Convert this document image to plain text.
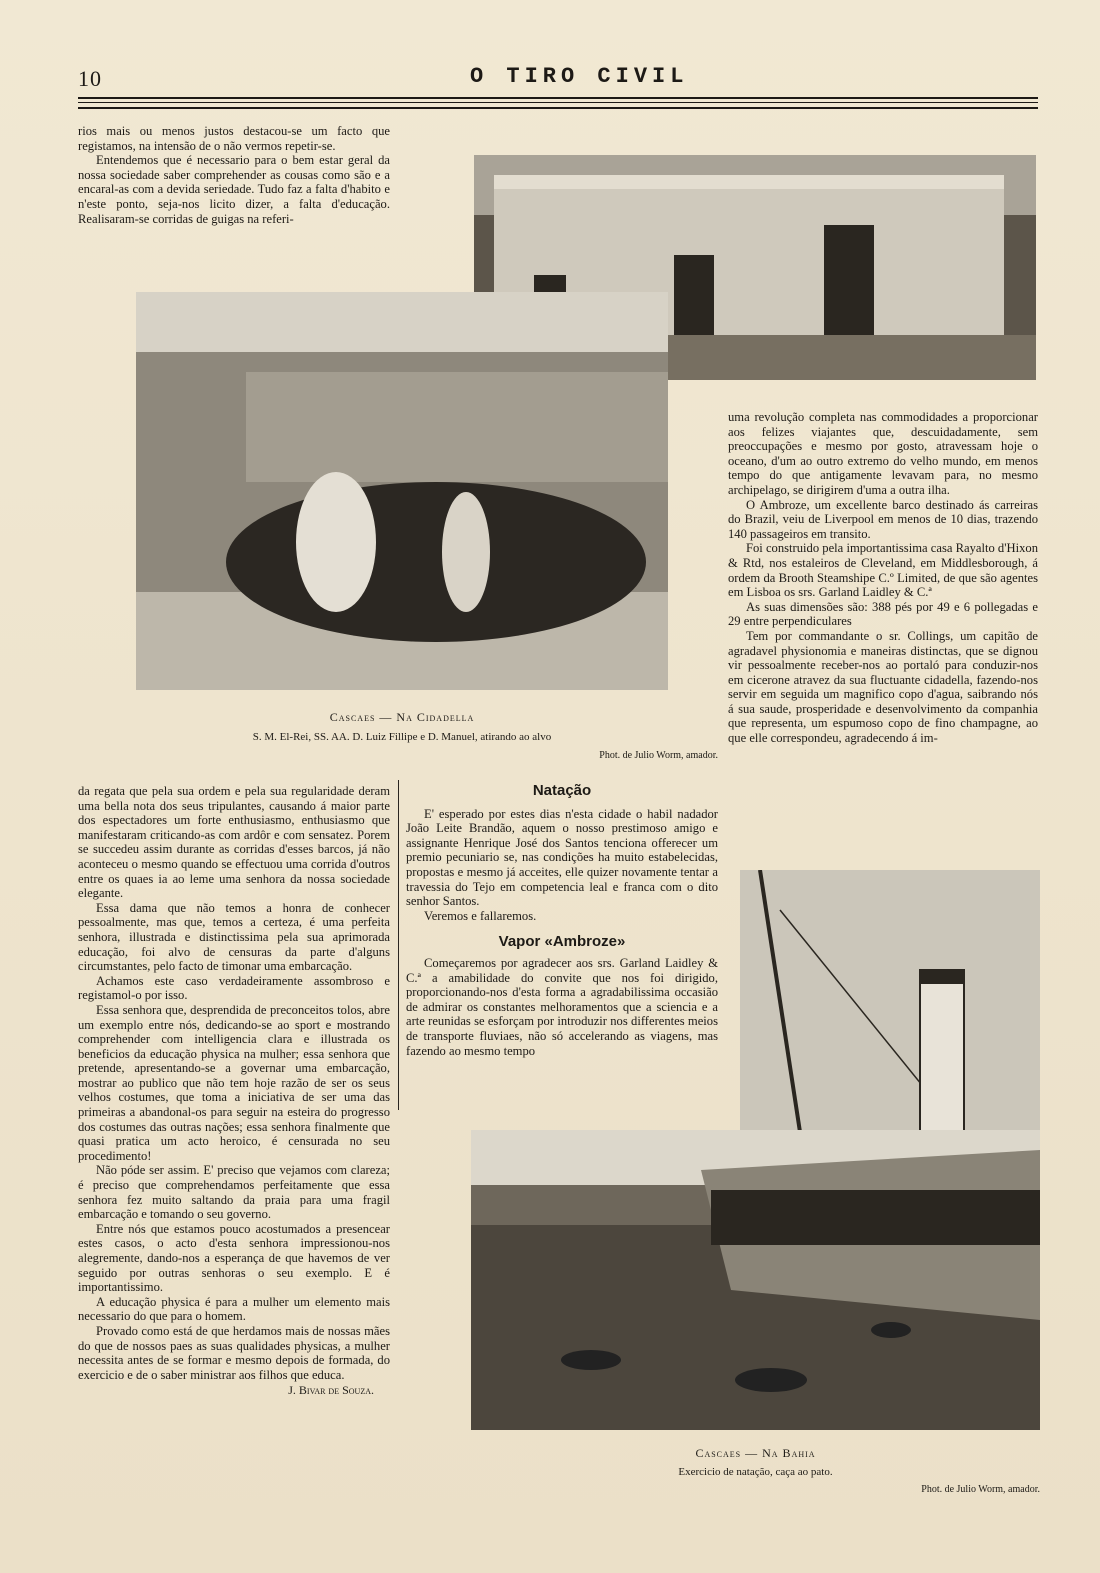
10	O TIRO CIVIL

rios mais ou menos justos destacou-se um facto que registamos, na intensão de o não vermos repetir-se.

Entendemos que é necessario para o bem estar geral da nossa sociedade saber comprehender as cousas como são e a encaral-as com a devida seriedade. Tudo faz a falta d'habito e n'este ponto, seja-nos licito dizer, a falta d'educação. Realisaram-se corridas de guigas na referi-

Cascaes — Na Cidadella
S. M. El-Rei, SS. AA. D. Luiz Fillipe e D. Manuel, atirando ao alvo
Phot. de Julio Worm, amador.

uma revolução completa nas commodidades a proporcionar aos felizes viajantes que, descuidadamente, sem preoccupações e mesmo por gosto, atravessam hoje o oceano, d'um ao outro extremo do velho mundo, em menos tempo do que antigamente levavam para, no mesmo archipelago, se dirigirem d'uma a outra ilha.

O Ambroze, um excellente barco destinado ás carreiras do Brazil, veiu de Liverpool em menos de 10 dias, trazendo 140 passageiros em transito.

Foi construido pela importantissima casa Rayalto d'Hixon & Rtd, nos estaleiros de Cleveland, em Middlesborough, á ordem da Brooth Steamshipe C.º Limited, de que são agentes em Lisboa os srs. Garland Laidley & C.ª

As suas dimensões são: 388 pés por 49 e 6 pollegadas e 29 entre perpendiculares

Tem por commandante o sr. Collings, um capitão de agradavel physionomia e maneiras distinctas, que se dignou vir pessoalmente receber-nos ao portaló para conduzir-nos em cicerone atravez da sua fluctuante cidadella, fazendo-nos servir em seguida um magnifico copo d'agua, saibrando nós á sua saude, prosperidade e desenvolvimento da companhia que representa, um espumoso copo de fino champagne, ao que elle correspondeu, agradecendo á im-

da regata que pela sua ordem e pela sua regularidade deram uma bella nota dos seus tripulantes, causando á maior parte dos espectadores um forte enthusiasmo, enthusiasmo que manifestaram criticando-as com ardôr e com sensatez. Porem se succedeu assim durante as corridas d'esses barcos, já não aconteceu o mesmo quando se effectuou uma corrida d'outros entre os quaes ia ao leme uma senhora da nossa sociedade elegante.

Essa dama que não temos a honra de conhecer pessoalmente, mas que, temos a certeza, é uma perfeita senhora, illustrada e distinctissima pela sua aprimorada educação, foi alvo de censuras da parte d'alguns circumstantes, pelo facto de timonar uma embarcação.

Achamos este caso verdadeiramente assombroso e registamol-o por isso.

Essa senhora que, desprendida de preconceitos tolos, abre um exemplo entre nós, dedicando-se ao sport e mostrando comprehender com intelligencia clara e illustrada os beneficios da educação physica na mulher; essa senhora que pretende, apresentando-se a governar uma embarcação, mostrar ao publico que não tem hoje razão de ser os seus velhos costumes, que toma a iniciativa de ser uma das primeiras a abandonal-os para seguir na esteira do progresso dos costumes das outras nações; essa senhora finalmente que quasi pratica um acto heroico, é censurada no seu procedimento!

Não póde ser assim. E' preciso que vejamos com clareza; é preciso que comprehendamos perfeitamente que essa senhora fez muito saltando da praia para uma fragil embarcação e tomando o seu governo.

Entre nós que estamos pouco acostumados a presencear estes casos, o acto d'esta senhora impressionou-nos alegremente, dando-nos a esperança de que havemos de ver seguido por outras senhoras o seu exemplo. E é importantissimo.

A educação physica é para a mulher um elemento mais necessario do que para o homem.

Provado como está de que herdamos mais de nossas mães do que de nossos paes as suas qualidades physicas, a mulher necessita antes de se formar e mesmo depois de formada, do exercicio e de o saber ministrar aos filhos que educa.

J. Bivar de Souza.
Natação

E' esperado por estes dias n'esta cidade o habil nadador João Leite Brandão, aquem o nosso prestimoso amigo e assignante Henrique José dos Santos tenciona offerecer um premio pecuniario se, nas condições ha muito estabelecidas, propostas e mesmo já acceites, elle quizer novamente tentar a travessia do Tejo em competencia leal e franca com o dito senhor Santos.

Veremos e fallaremos.

Vapor «Ambroze»

Começaremos por agradecer aos srs. Garland Laidley & C.ª a amabilidade do convite que nos foi dirigido, proporcionando-nos d'esta forma a agradabilissima occasião de admirar os constantes melhoramentos que a sciencia e a arte reunidas se esforçam por introduzir nos differentes meios de transporte fluviaes, não só accelerando as viagens, mas fazendo ao mesmo tempo

Cascaes — Na Bahia
Exercicio de natação, caça ao pato.
Phot. de Julio Worm, amador.
